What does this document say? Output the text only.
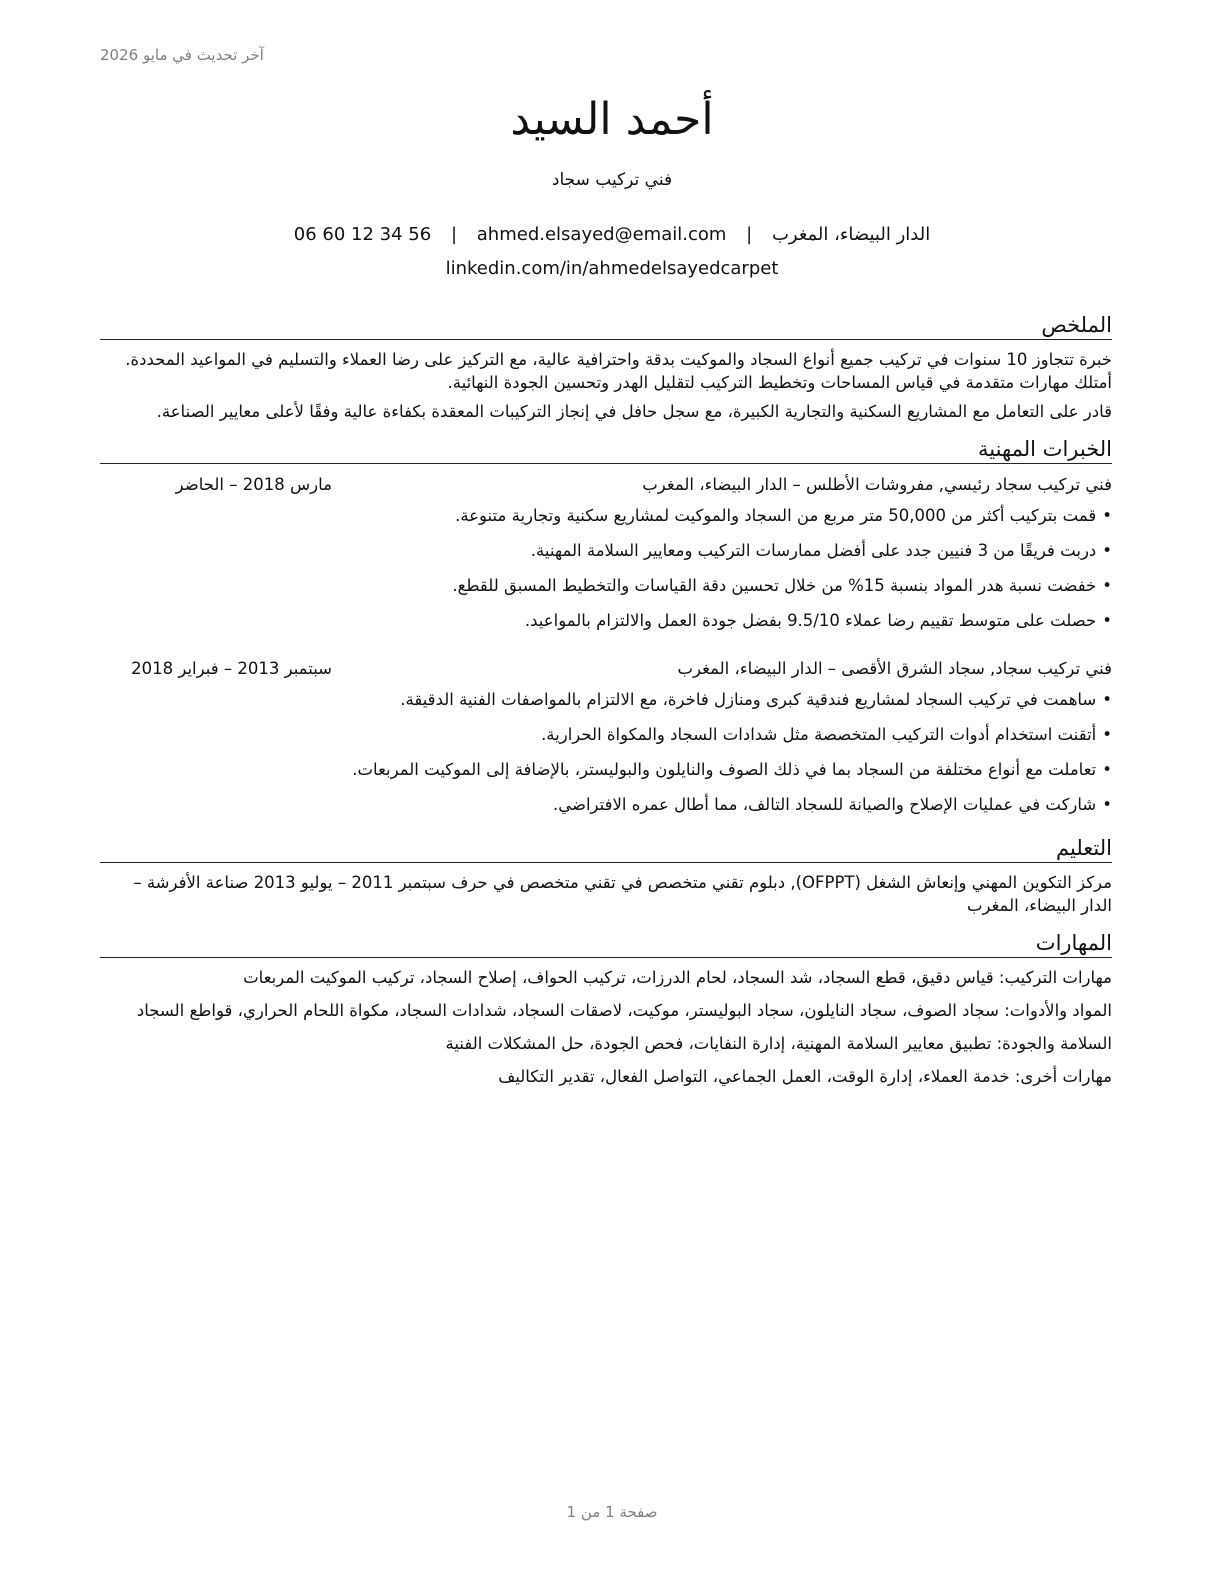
آخر تحديث في مايو 2026
أحمد السيد
فني تركيب سجاد
الدار البيضاء، المغرب | ahmed.elsayed@email.com | 06 60 12 34 56
linkedin.com/in/ahmedelsayedcarpet
الملخص

خبرة تتجاوز 10 سنوات في تركيب جميع أنواع السجاد والموكيت بدقة واحترافية عالية، مع التركيز على رضا العملاء والتسليم في المواعيد المحددة. أمتلك مهارات متقدمة في قياس المساحات وتخطيط التركيب لتقليل الهدر وتحسين الجودة النهائية.

قادر على التعامل مع المشاريع السكنية والتجارية الكبيرة، مع سجل حافل في إنجاز التركيبات المعقدة بكفاءة عالية وفقًا لأعلى معايير الصناعة.

الخبرات المهنية
فني تركيب سجاد رئيسي, مفروشات الأطلس – الدار البيضاء، المغرب
مارس 2018 – الحاضر
•قمت بتركيب أكثر من 50,000 متر مربع من السجاد والموكيت لمشاريع سكنية وتجارية متنوعة.
•دربت فريقًا من 3 فنيين جدد على أفضل ممارسات التركيب ومعايير السلامة المهنية.
•خفضت نسبة هدر المواد بنسبة 15% من خلال تحسين دقة القياسات والتخطيط المسبق للقطع.
•حصلت على متوسط تقييم رضا عملاء 9.5/10 بفضل جودة العمل والالتزام بالمواعيد.
فني تركيب سجاد, سجاد الشرق الأقصى – الدار البيضاء، المغرب
سبتمبر 2013 – فبراير 2018
•ساهمت في تركيب السجاد لمشاريع فندقية كبرى ومنازل فاخرة، مع الالتزام بالمواصفات الفنية الدقيقة.
•أتقنت استخدام أدوات التركيب المتخصصة مثل شدادات السجاد والمكواة الحرارية.
•تعاملت مع أنواع مختلفة من السجاد بما في ذلك الصوف والنايلون والبوليستر، بالإضافة إلى الموكيت المربعات.
•شاركت في عمليات الإصلاح والصيانة للسجاد التالف، مما أطال عمره الافتراضي.
التعليم
مركز التكوين المهني وإنعاش الشغل (OFPPT), دبلوم تقني متخصص في تقني متخصص في حرف سبتمبر 2011 – يوليو 2013 صناعة الأفرشة – الدار البيضاء، المغرب
المهارات

مهارات التركيب: قياس دقيق، قطع السجاد، شد السجاد، لحام الدرزات، تركيب الحواف، إصلاح السجاد، تركيب الموكيت المربعات

المواد والأدوات: سجاد الصوف، سجاد النايلون، سجاد البوليستر، موكيت، لاصقات السجاد، شدادات السجاد، مكواة اللحام الحراري، قواطع السجاد

السلامة والجودة: تطبيق معايير السلامة المهنية، إدارة النفايات، فحص الجودة، حل المشكلات الفنية

مهارات أخرى: خدمة العملاء، إدارة الوقت، العمل الجماعي، التواصل الفعال، تقدير التكاليف

صفحة 1 من 1
